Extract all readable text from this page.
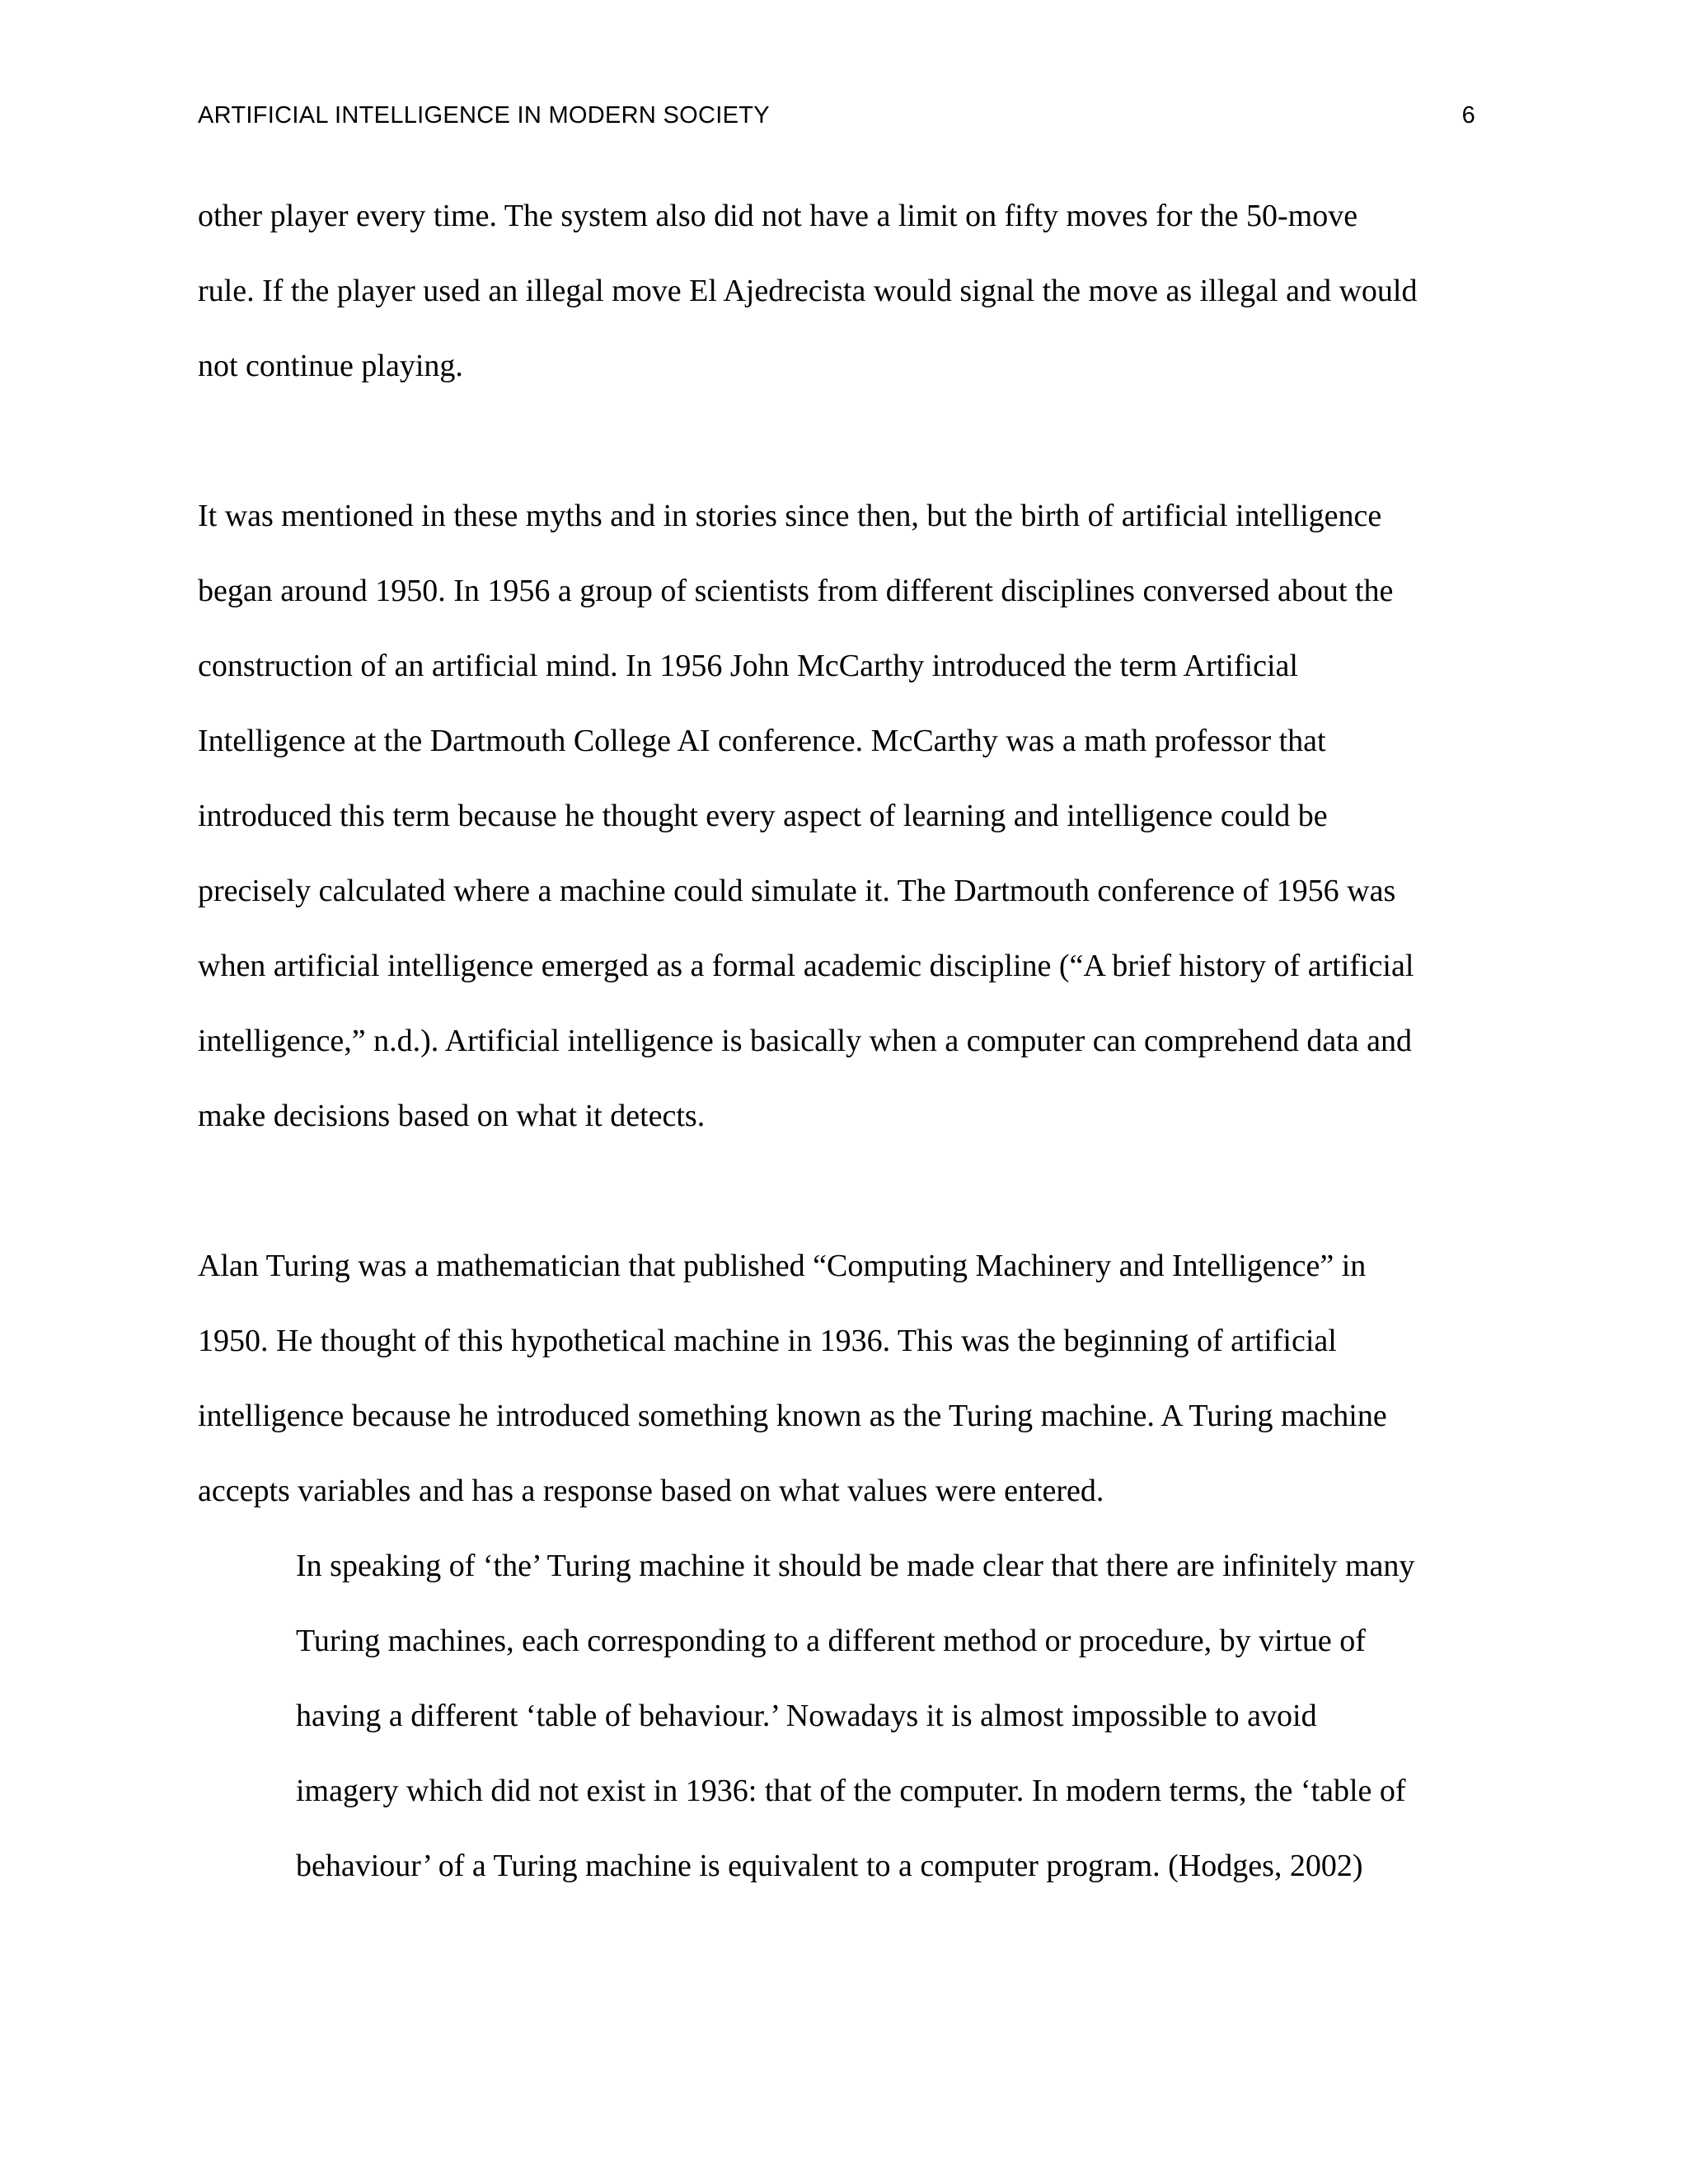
ARTIFICIAL INTELLIGENCE IN MODERN SOCIETY	6
other player every time. The system also did not have a limit on fifty moves for the 50-move
rule. If the player used an illegal move El Ajedrecista would signal the move as illegal and would
not continue playing.
It was mentioned in these myths and in stories since then, but the birth of artificial intelligence
began around 1950. In 1956 a group of scientists from different disciplines conversed about the
construction of an artificial mind. In 1956 John McCarthy introduced the term Artificial
Intelligence at the Dartmouth College AI conference. McCarthy was a math professor that
introduced this term because he thought every aspect of learning and intelligence could be
precisely calculated where a machine could simulate it. The Dartmouth conference of 1956 was
when artificial intelligence emerged as a formal academic discipline (“A brief history of artificial
intelligence,” n.d.). Artificial intelligence is basically when a computer can comprehend data and
make decisions based on what it detects.
Alan Turing was a mathematician that published “Computing Machinery and Intelligence” in
1950. He thought of this hypothetical machine in 1936. This was the beginning of artificial
intelligence because he introduced something known as the Turing machine. A Turing machine
accepts variables and has a response based on what values were entered.
In speaking of ‘the’ Turing machine it should be made clear that there are infinitely many
Turing machines, each corresponding to a different method or procedure, by virtue of
having a different ‘table of behaviour.’ Nowadays it is almost impossible to avoid
imagery which did not exist in 1936: that of the computer. In modern terms, the ‘table of
behaviour’ of a Turing machine is equivalent to a computer program. (Hodges, 2002)
